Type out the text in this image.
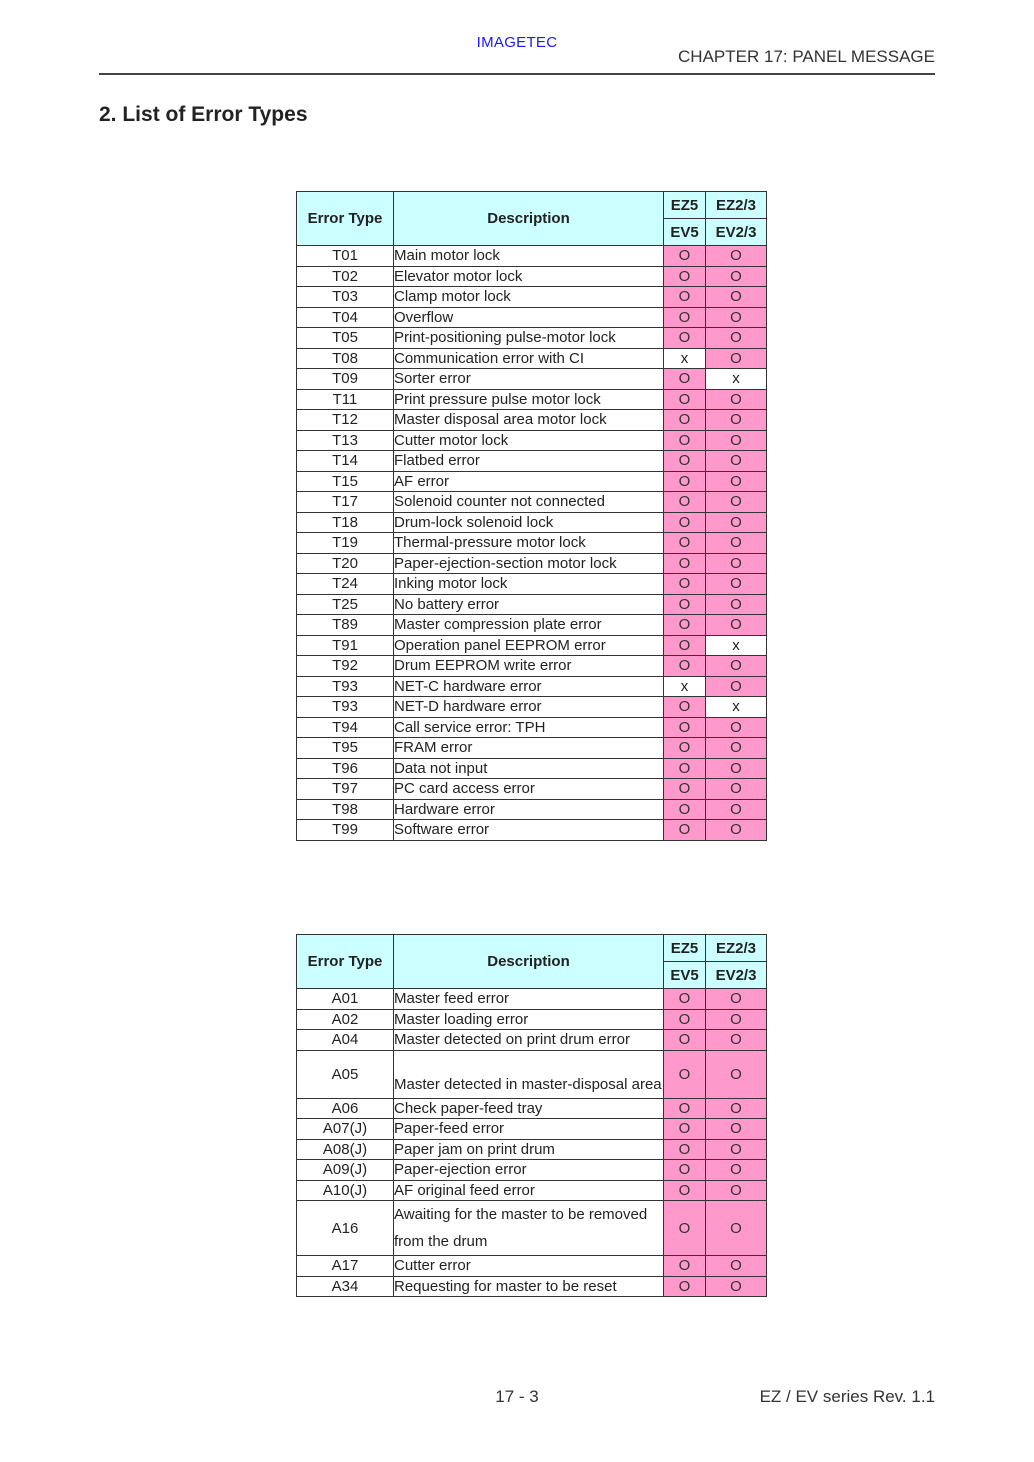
IMAGETEC
CHAPTER 17: PANEL MESSAGE
2. List of Error Types
Error Type	Description	EZ5	EZ2/3
		EV5	EV2/3
T01	Main motor lock	O	O
T02	Elevator motor lock	O	O
T03	Clamp motor lock	O	O
T04	Overflow	O	O
T05	Print-positioning pulse-motor lock	O	O
T08	Communication error with CI	x	O
T09	Sorter error	O	x
T11	Print pressure pulse motor lock	O	O
T12	Master disposal area motor lock	O	O
T13	Cutter motor lock	O	O
T14	Flatbed error	O	O
T15	AF error	O	O
T17	Solenoid counter not connected	O	O
T18	Drum-lock solenoid lock	O	O
T19	Thermal-pressure motor lock	O	O
T20	Paper-ejection-section motor lock	O	O
T24	Inking motor lock	O	O
T25	No battery error	O	O
T89	Master compression plate error	O	O
T91	Operation panel EEPROM error	O	x
T92	Drum EEPROM write error	O	O
T93	NET-C hardware error	x	O
T93	NET-D hardware error	O	x
T94	Call service error: TPH	O	O
T95	FRAM error	O	O
T96	Data not input	O	O
T97	PC card access error	O	O
T98	Hardware error	O	O
T99	Software error	O	O
Error Type	Description	EZ5	EZ2/3
		EV5	EV2/3
A01	Master feed error	O	O
A02	Master loading error	O	O
A04	Master detected on print drum error	O	O
A05	Master detected in master-disposal area	O	O
A06	Check paper-feed tray	O	O
A07(J)	Paper-feed error	O	O
A08(J)	Paper jam on print drum	O	O
A09(J)	Paper-ejection error	O	O
A10(J)	AF original feed error	O	O
A16	Awaiting for the master to be removed from the drum	O	O
A17	Cutter error	O	O
A34	Requesting for master to be reset	O	O
17 - 3	EZ / EV series Rev. 1.1
